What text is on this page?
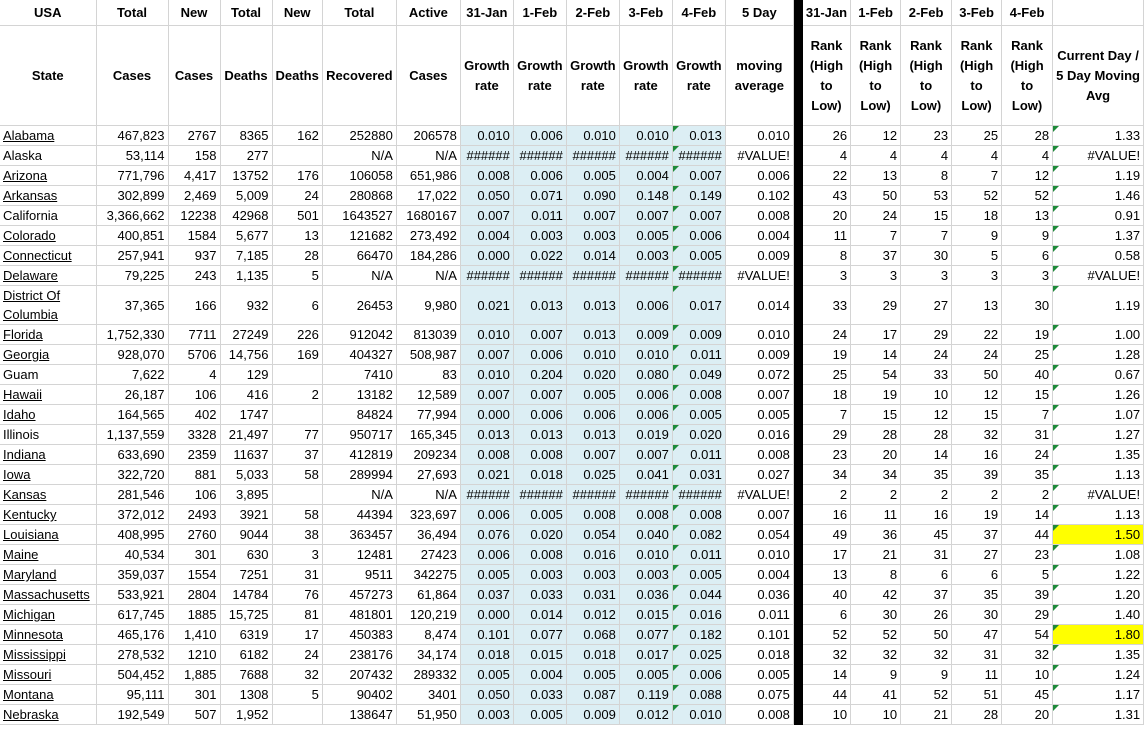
USA	Total	New	Total	New	Total	Active	31-Jan	1-Feb	2-Feb	3-Feb	4-Feb	5 Day		31-Jan	1-Feb	2-Feb	3-Feb	4-Feb	
State	Cases	Cases	Deaths	Deaths	Recovered	Cases	Growth rate	Growth rate	Growth rate	Growth rate	Growth rate	moving average		Rank (High to Low)	Rank (High to Low)	Rank (High to Low)	Rank (High to Low)	Rank (High to Low)	Current Day / 5 Day Moving Avg
Alabama	467,823	2767	8365	162	252880	206578	0.010	0.006	0.010	0.010	0.013	0.010		26	12	23	25	28	1.33
Alaska	53,114	158	277		N/A	N/A	######	######	######	######	######	#VALUE!		4	4	4	4	4	#VALUE!
Arizona	771,796	4,417	13752	176	106058	651,986	0.008	0.006	0.005	0.004	0.007	0.006		22	13	8	7	12	1.19
Arkansas	302,899	2,469	5,009	24	280868	17,022	0.050	0.071	0.090	0.148	0.149	0.102		43	50	53	52	52	1.46
California	3,366,662	12238	42968	501	1643527	1680167	0.007	0.011	0.007	0.007	0.007	0.008		20	24	15	18	13	0.91
Colorado	400,851	1584	5,677	13	121682	273,492	0.004	0.003	0.003	0.005	0.006	0.004		11	7	7	9	9	1.37
Connecticut	257,941	937	7,185	28	66470	184,286	0.000	0.022	0.014	0.003	0.005	0.009		8	37	30	5	6	0.58
Delaware	79,225	243	1,135	5	N/A	N/A	######	######	######	######	######	#VALUE!		3	3	3	3	3	#VALUE!
District Of Columbia	37,365	166	932	6	26453	9,980	0.021	0.013	0.013	0.006	0.017	0.014		33	29	27	13	30	1.19
Florida	1,752,330	7711	27249	226	912042	813039	0.010	0.007	0.013	0.009	0.009	0.010		24	17	29	22	19	1.00
Georgia	928,070	5706	14,756	169	404327	508,987	0.007	0.006	0.010	0.010	0.011	0.009		19	14	24	24	25	1.28
Guam	7,622	4	129		7410	83	0.010	0.204	0.020	0.080	0.049	0.072		25	54	33	50	40	0.67
Hawaii	26,187	106	416	2	13182	12,589	0.007	0.007	0.005	0.006	0.008	0.007		18	19	10	12	15	1.26
Idaho	164,565	402	1747		84824	77,994	0.000	0.006	0.006	0.006	0.005	0.005		7	15	12	15	7	1.07
Illinois	1,137,559	3328	21,497	77	950717	165,345	0.013	0.013	0.013	0.019	0.020	0.016		29	28	28	32	31	1.27
Indiana	633,690	2359	11637	37	412819	209234	0.008	0.008	0.007	0.007	0.011	0.008		23	20	14	16	24	1.35
Iowa	322,720	881	5,033	58	289994	27,693	0.021	0.018	0.025	0.041	0.031	0.027		34	34	35	39	35	1.13
Kansas	281,546	106	3,895		N/A	N/A	######	######	######	######	######	#VALUE!		2	2	2	2	2	#VALUE!
Kentucky	372,012	2493	3921	58	44394	323,697	0.006	0.005	0.008	0.008	0.008	0.007		16	11	16	19	14	1.13
Louisiana	408,995	2760	9044	38	363457	36,494	0.076	0.020	0.054	0.040	0.082	0.054		49	36	45	37	44	1.50
Maine	40,534	301	630	3	12481	27423	0.006	0.008	0.016	0.010	0.011	0.010		17	21	31	27	23	1.08
Maryland	359,037	1554	7251	31	9511	342275	0.005	0.003	0.003	0.003	0.005	0.004		13	8	6	6	5	1.22
Massachusetts	533,921	2804	14784	76	457273	61,864	0.037	0.033	0.031	0.036	0.044	0.036		40	42	37	35	39	1.20
Michigan	617,745	1885	15,725	81	481801	120,219	0.000	0.014	0.012	0.015	0.016	0.011		6	30	26	30	29	1.40
Minnesota	465,176	1,410	6319	17	450383	8,474	0.101	0.077	0.068	0.077	0.182	0.101		52	52	50	47	54	1.80
Mississippi	278,532	1210	6182	24	238176	34,174	0.018	0.015	0.018	0.017	0.025	0.018		32	32	32	31	32	1.35
Missouri	504,452	1,885	7688	32	207432	289332	0.005	0.004	0.005	0.005	0.006	0.005		14	9	9	11	10	1.24
Montana	95,111	301	1308	5	90402	3401	0.050	0.033	0.087	0.119	0.088	0.075		44	41	52	51	45	1.17
Nebraska	192,549	507	1,952		138647	51,950	0.003	0.005	0.009	0.012	0.010	0.008		10	10	21	28	20	1.31
